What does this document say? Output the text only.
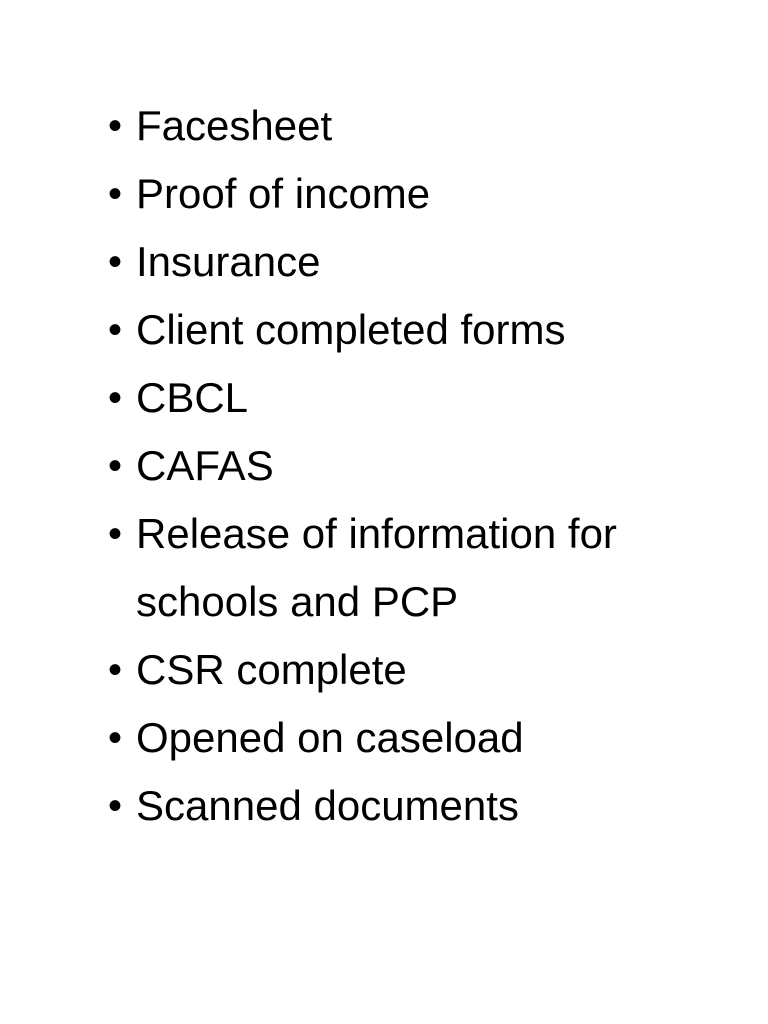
• Facesheet
• Proof of income
• Insurance
• Client completed forms
• CBCL
• CAFAS
• Release of information for schools and PCP
• CSR complete
• Opened on caseload
• Scanned documents
